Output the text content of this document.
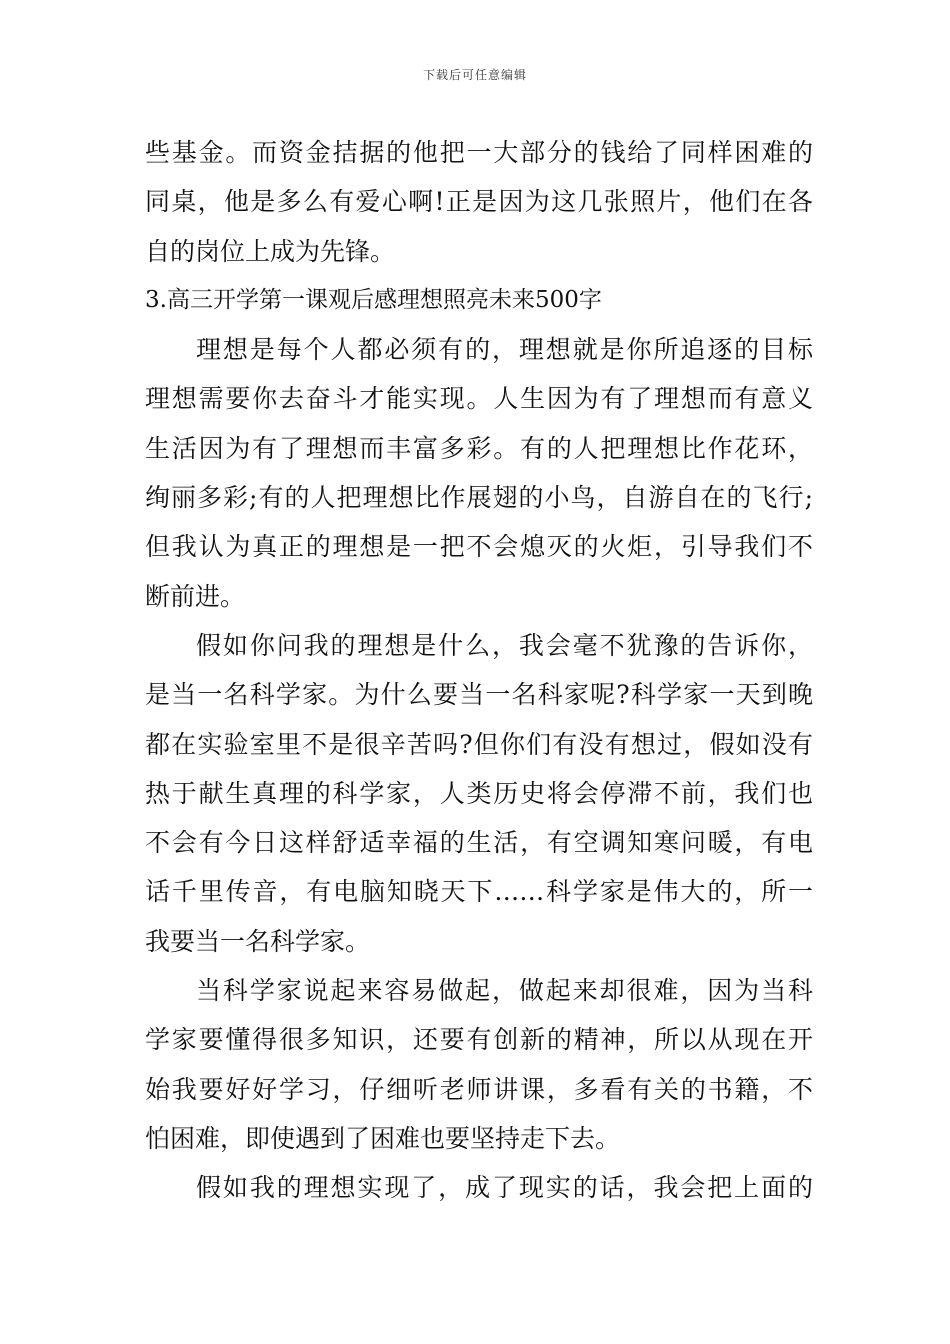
下载后可任意编辑
些基金。而资金拮据的他把一大部分的钱给了同样困难的
同桌，他是多么有爱心啊!正是因为这几张照片，他们在各
自的岗位上成为先锋。
3.高三开学第一课观后感理想照亮未来500字
理想是每个人都必须有的，理想就是你所追逐的目标
理想需要你去奋斗才能实现。人生因为有了理想而有意义
生活因为有了理想而丰富多彩。有的人把理想比作花环，
绚丽多彩;有的人把理想比作展翅的小鸟，自游自在的飞行;
但我认为真正的理想是一把不会熄灭的火炬，引导我们不
断前进。
假如你问我的理想是什么，我会毫不犹豫的告诉你，
是当一名科学家。为什么要当一名科家呢?科学家一天到晚
都在实验室里不是很辛苦吗?但你们有没有想过，假如没有
热于献生真理的科学家，人类历史将会停滞不前，我们也
不会有今日这样舒适幸福的生活，有空调知寒问暖，有电
话千里传音，有电脑知晓天下……科学家是伟大的，所一
我要当一名科学家。
当科学家说起来容易做起，做起来却很难，因为当科
学家要懂得很多知识，还要有创新的精神，所以从现在开
始我要好好学习，仔细听老师讲课，多看有关的书籍，不
怕困难，即使遇到了困难也要坚持走下去。
假如我的理想实现了，成了现实的话，我会把上面的
